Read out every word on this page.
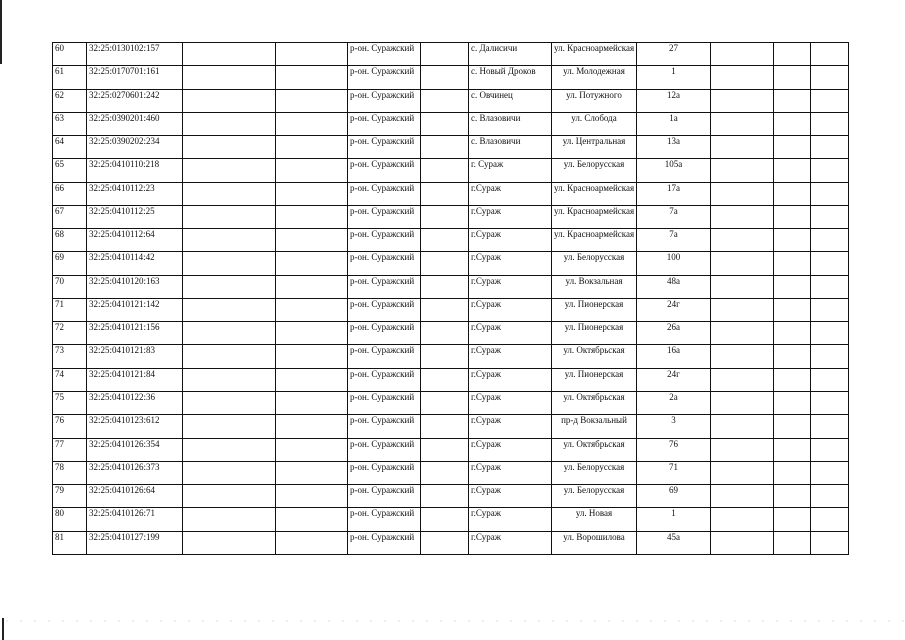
60	32:25:0130102:157			р-он. Суражский		с. Далисичи	ул. Красноармейская	27			
61	32:25:0170701:161			р-он. Суражский		с. Новый Дроков	ул. Молодежная	1			
62	32:25:0270601:242			р-он. Суражский		с. Овчинец	ул. Потужного	12а			
63	32:25:0390201:460			р-он. Суражский		с. Влазовичи	ул. Слобода	1а			
64	32:25:0390202:234			р-он. Суражский		с. Влазовичи	ул. Центральная	13а			
65	32:25:0410110:218			р-он. Суражский		г. Сураж	ул. Белорусская	105а			
66	32:25:0410112:23			р-он. Суражский		г.Сураж	ул. Красноармейская	17а			
67	32:25:0410112:25			р-он. Суражский		г.Сураж	ул. Красноармейская	7а			
68	32:25:0410112:64			р-он. Суражский		г.Сураж	ул. Красноармейская	7а			
69	32:25:0410114:42			р-он. Суражский		г.Сураж	ул. Белорусская	100			
70	32:25:0410120:163			р-он. Суражский		г.Сураж	ул. Вокзальная	48а			
71	32:25:0410121:142			р-он. Суражский		г.Сураж	ул. Пионерская	24г			
72	32:25:0410121:156			р-он. Суражский		г.Сураж	ул. Пионерская	26а			
73	32:25:0410121:83			р-он. Суражский		г.Сураж	ул. Октябрьская	16а			
74	32:25:0410121:84			р-он. Суражский		г.Сураж	ул. Пионерская	24г			
75	32:25:0410122:36			р-он. Суражский		г.Сураж	ул. Октябрьская	2а			
76	32:25:0410123:612			р-он. Суражский		г.Сураж	пр-д Вокзальный	3			
77	32:25:0410126:354			р-он. Суражский		г.Сураж	ул. Октябрьская	76			
78	32:25:0410126:373			р-он. Суражский		г.Сураж	ул. Белорусская	71			
79	32:25:0410126:64			р-он. Суражский		г.Сураж	ул. Белорусская	69			
80	32:25:0410126:71			р-он. Суражский		г.Сураж	ул. Новая	1			
81	32:25:0410127:199			р-он. Суражский		г.Сураж	ул. Ворошилова	45а			
